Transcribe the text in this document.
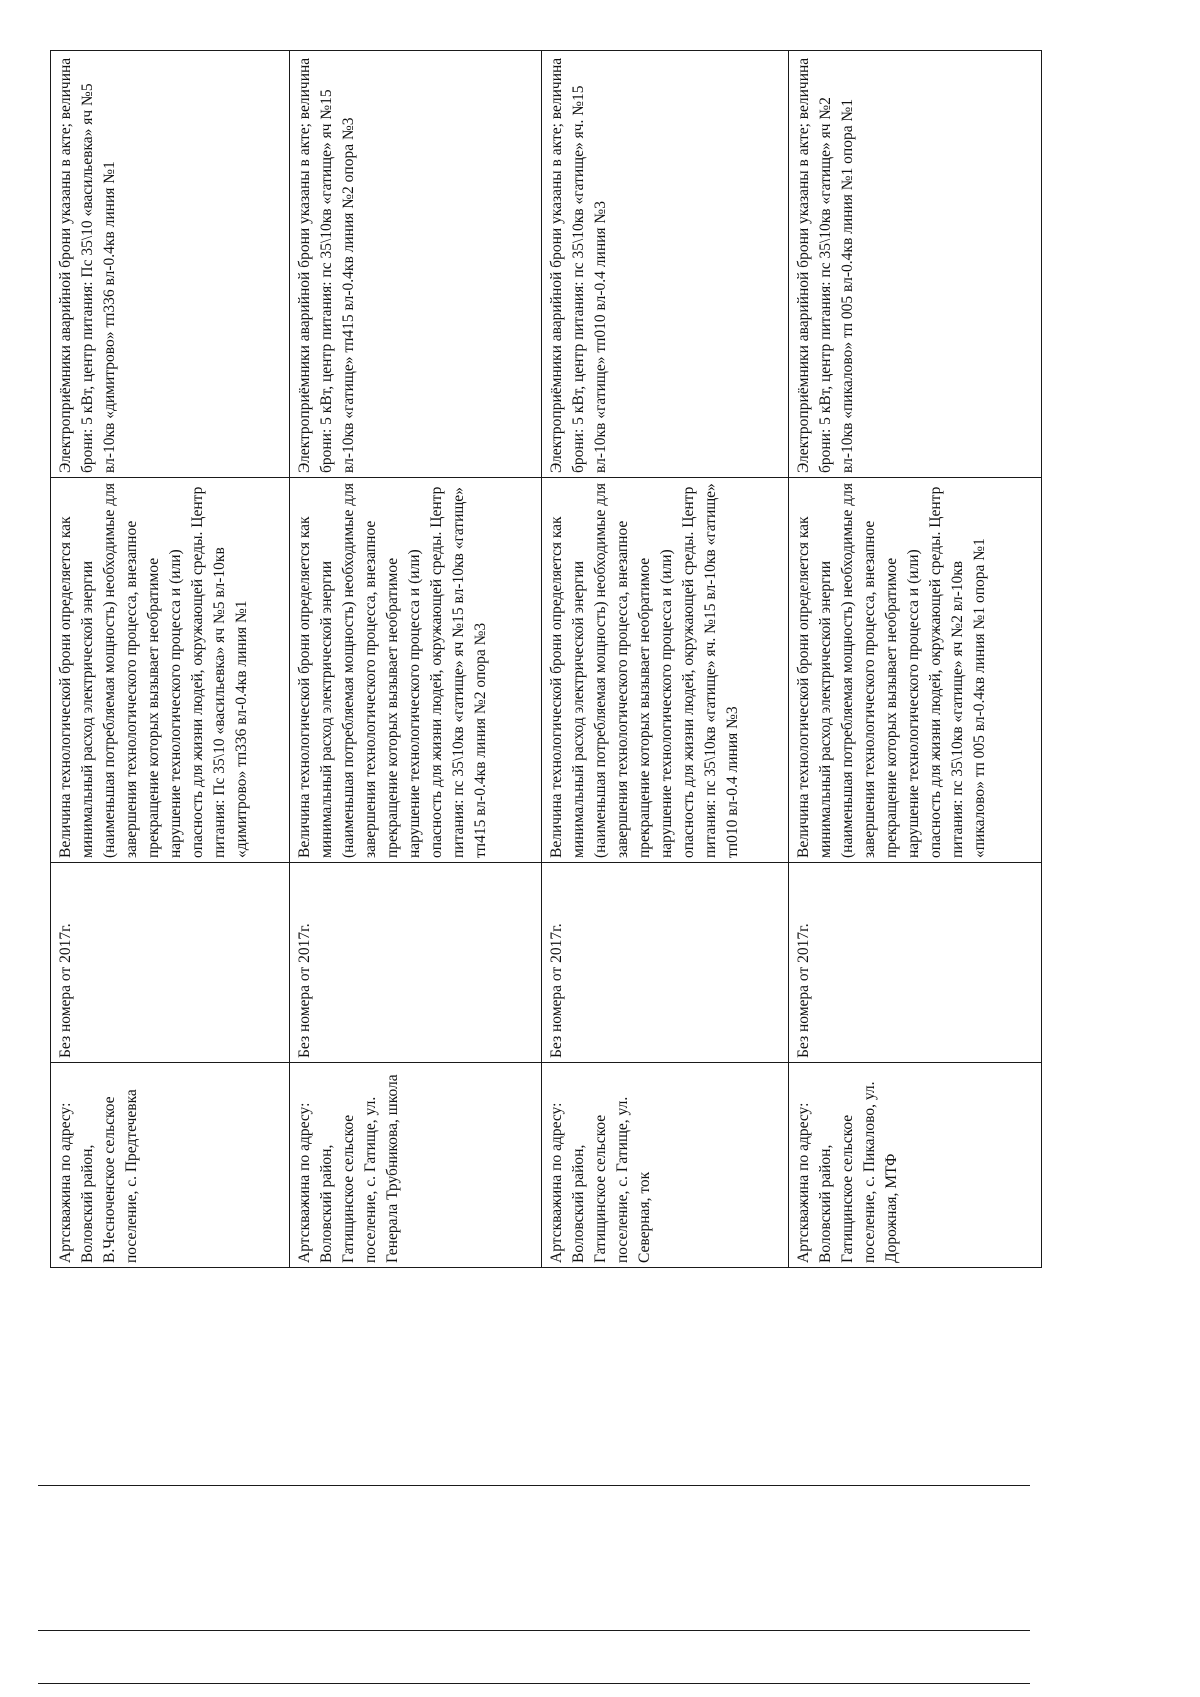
Артскважина по адресу: Воловский район, В.Чесноченское сельское поселение, с. Предтечевка	Без номера от 2017г.	Величина технологической брони определяется как минимальный расход электрической энергии (наименьшая потребляемая мощность) необходимые для завершения технологического процесса, внезапное прекращение которых вызывает необратимое нарушение технологического процесса и (или) опасность для жизни людей, окружающей среды. Центр питания: Пс 35\10 «васильевка» яч №5 вл-10кв «димитрово» тп336 вл-0.4кв линия №1	Электроприёмники аварийной брони указаны в акте; величина брони: 5 кВт, центр питания: Пс 35\10 «васильевка» яч №5 вл-10кв «димитрово» тп336 вл-0.4кв линия №1

Артскважина по адресу: Воловский район, Гатищинское сельское поселение, с. Гатище, ул. Генерала Трубникова, школа	Без номера от 2017г.	Величина технологической брони определяется как минимальный расход электрической энергии (наименьшая потребляемая мощность) необходимые для завершения технологического процесса, внезапное прекращение которых вызывает необратимое нарушение технологического процесса и (или) опасность для жизни людей, окружающей среды. Центр питания: пс 35\10кв «гатище» яч №15 вл-10кв «гатище» тп415 вл-0.4кв линия №2 опора №3	Электроприёмники аварийной брони указаны в акте; величина брони: 5 кВт, центр питания: пс 35\10кв «гатище» яч №15 вл-10кв «гатище» тп415 вл-0.4кв линия №2 опора №3

Артскважина по адресу: Воловский район, Гатищинское сельское поселение, с. Гатище, ул. Северная, ток	Без номера от 2017г.	Величина технологической брони определяется как минимальный расход электрической энергии (наименьшая потребляемая мощность) необходимые для завершения технологического процесса, внезапное прекращение которых вызывает необратимое нарушение технологического процесса и (или) опасность для жизни людей, окружающей среды. Центр питания: пс 35\10кв «гатище» яч. №15 вл-10кв «гатище» тп010 вл-0.4 линия №3	Электроприёмники аварийной брони указаны в акте; величина брони: 5 кВт, центр питания: пс 35\10кв «гатище» яч. №15 вл-10кв «гатище» тп010 вл-0.4 линия №3

Артскважина по адресу: Воловский район, Гатищинское сельское поселение, с. Пикалово, ул. Дорожная, МТФ	Без номера от 2017г.	Величина технологической брони определяется как минимальный расход электрической энергии (наименьшая потребляемая мощность) необходимые для завершения технологического процесса, внезапное прекращение которых вызывает необратимое нарушение технологического процесса и (или) опасность для жизни людей, окружающей среды. Центр питания: пс 35\10кв «гатище» яч №2 вл-10кв «пикалово» тп 005 вл-0.4кв линия №1 опора №1	Электроприёмники аварийной брони указаны в акте; величина брони: 5 кВт, центр питания: пс 35\10кв «гатище» яч №2 вл-10кв «пикалово» тп 005 вл-0.4кв линия №1 опора №1
